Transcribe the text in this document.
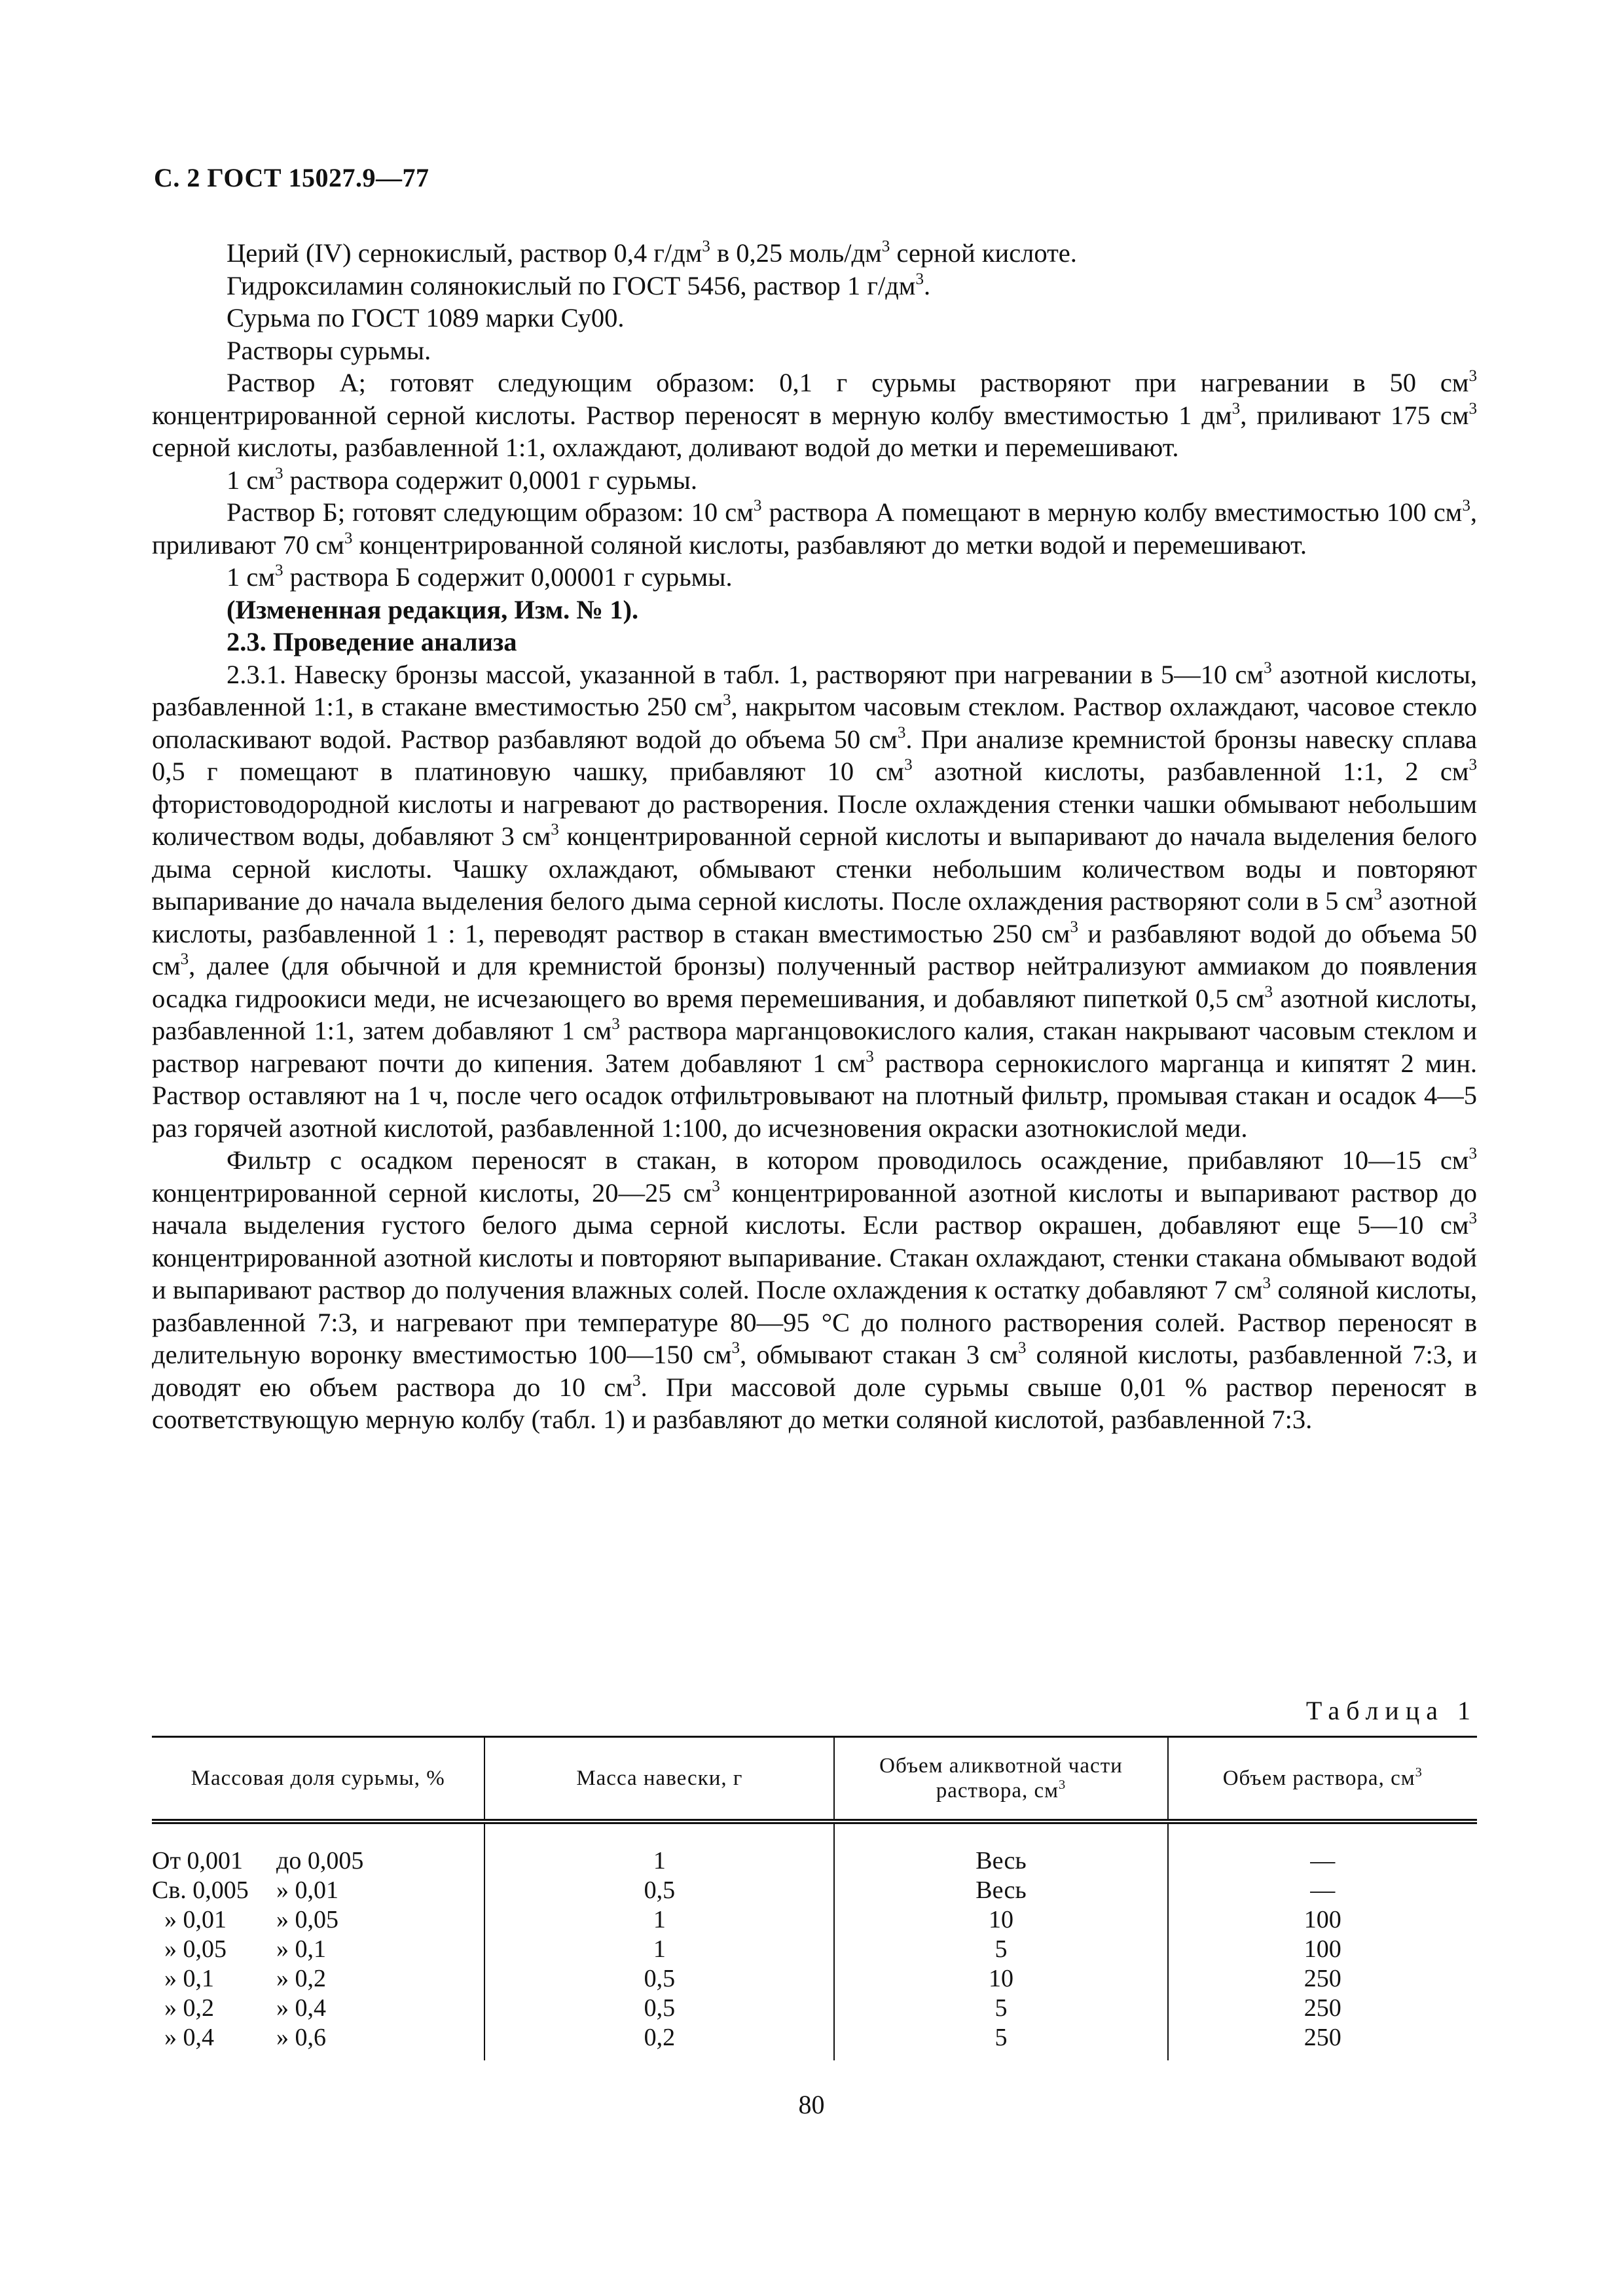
С. 2 ГОСТ 15027.9—77

Церий (IV) сернокислый, раствор 0,4 $г/дм^3$ в 0,25 моль/$дм^3$ серной кислоте.

Гидроксиламин солянокислый по ГОСТ 5456, раствор 1 $г/дм^3$.

Сурьма по ГОСТ 1089 марки Су00.

Растворы сурьмы.

Раствор А; готовят следующим образом: 0,1 г сурьмы растворяют при нагревании в 50 $см^3$ концентрированной серной кислоты. Раствор переносят в мерную колбу вместимостью 1 $дм^3$, приливают 175 $см^3$ серной кислоты, разбавленной 1:1, охлаждают, доливают водой до метки и перемешивают.

1 $см^3$ раствора содержит 0,0001 г сурьмы.

Раствор Б; готовят следующим образом: 10 $см^3$ раствора А помещают в мерную колбу вместимостью 100 $см^3$, приливают 70 $см^3$ концентрированной соляной кислоты, разбавляют до метки водой и перемешивают.

1 $см^3$ раствора Б содержит 0,00001 г сурьмы.

(Измененная редакция, Изм. № 1).

2.3. Проведение анализа

2.3.1. Навеску бронзы массой, указанной в табл. 1, растворяют при нагревании в 5—10 $см^3$ азотной кислоты, разбавленной 1:1, в стакане вместимостью 250 $см^3$, накрытом часовым стеклом. Раствор охлаждают, часовое стекло ополаскивают водой. Раствор разбавляют водой до объема 50 $см^3$. При анализе кремнистой бронзы навеску сплава 0,5 г помещают в платиновую чашку, прибавляют 10 $см^3$ азотной кислоты, разбавленной 1:1, 2 $см^3$ фтористоводородной кислоты и нагревают до растворения. После охлаждения стенки чашки обмывают небольшим количеством воды, добавляют 3 $см^3$ концентрированной серной кислоты и выпаривают до начала выделения белого дыма серной кислоты. Чашку охлаждают, обмывают стенки небольшим количеством воды и повторяют выпаривание до начала выделения белого дыма серной кислоты. После охлаждения растворяют соли в 5 $см^3$ азотной кислоты, разбавленной 1 : 1, переводят раствор в стакан вместимостью 250 $см^3$ и разбавляют водой до объема 50 $см^3$, далее (для обычной и для кремнистой бронзы) полученный раствор нейтрализуют аммиаком до появления осадка гидроокиси меди, не исчезающего во время перемешивания, и добавляют пипеткой 0,5 $см^3$ азотной кислоты, разбавленной 1:1, затем добавляют 1 $см^3$ раствора марганцовокислого калия, стакан накрывают часовым стеклом и раствор нагревают почти до кипения. Затем добавляют 1 $см^3$ раствора сернокислого марганца и кипятят 2 мин. Раствор оставляют на 1 ч, после чего осадок отфильтровывают на плотный фильтр, промывая стакан и осадок 4—5 раз горячей азотной кислотой, разбавленной 1:100, до исчезновения окраски азотнокислой меди.

Фильтр с осадком переносят в стакан, в котором проводилось осаждение, прибавляют 10—15 $см^3$ концентрированной серной кислоты, 20—25 $см^3$ концентрированной азотной кислоты и выпаривают раствор до начала выделения густого белого дыма серной кислоты. Если раствор окрашен, добавляют еще 5—10 $см^3$ концентрированной азотной кислоты и повторяют выпаривание. Стакан охлаждают, стенки стакана обмывают водой и выпаривают раствор до получения влажных солей. После охлаждения к остатку добавляют 7 $см^3$ соляной кислоты, разбавленной 7:3, и нагревают при температуре 80—95 °С до полного растворения солей. Раствор переносят в делительную воронку вместимостью 100—150 $см^3$, обмывают стакан 3 $см^3$ соляной кислоты, разбавленной 7:3, и доводят ею объем раствора до 10 $см^3$. При массовой доле сурьмы свыше 0,01 % раствор переносят в соответствующую мерную колбу (табл. 1) и разбавляют до метки соляной кислотой, разбавленной 7:3.

Таблица 1
Массовая доля сурьмы, %	Масса навески, г	Объем аликвотной части раствора, $см^3$	Объем раствора, $см^3$

От 0,001 до 0,005	1	Весь	—
Св. 0,005 » 0,01	0,5	Весь	—
» 0,01 » 0,05	1	10	100
» 0,05 » 0,1	1	5	100
» 0,1 » 0,2	0,5	10	250
» 0,2 » 0,4	0,5	5	250
» 0,4 » 0,6	0,2	5	250
80
